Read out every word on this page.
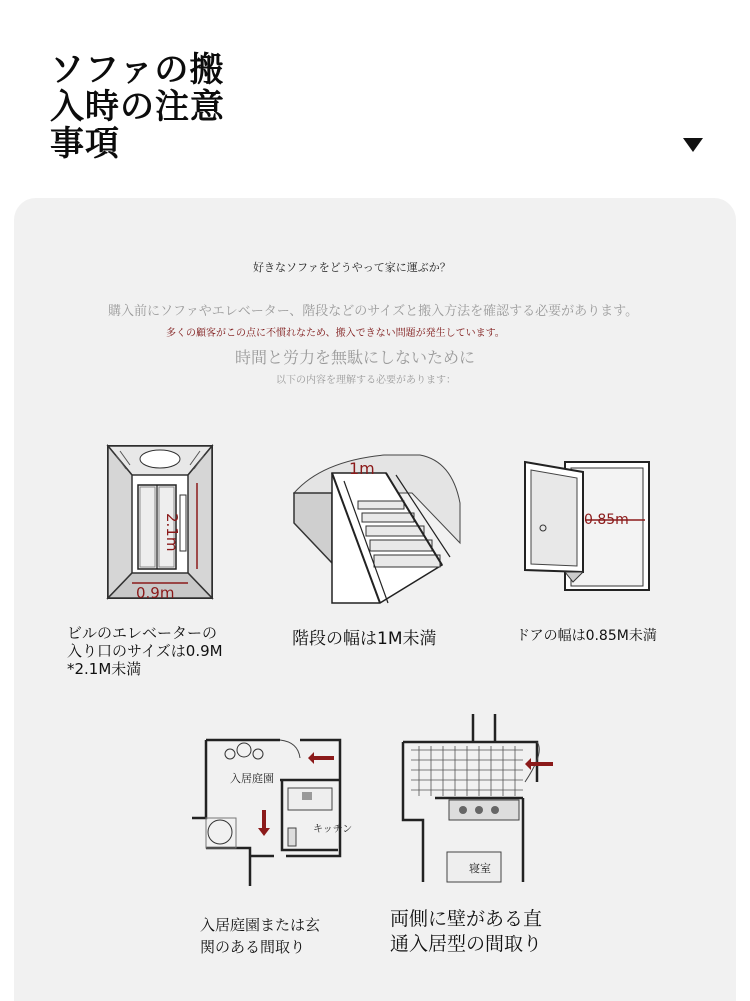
ソファの搬
入時の注意
事項
好きなソファをどうやって家に運ぶか？
購入前にソファやエレベーター、階段などのサイズと搬入方法を確認する必要があります。
多くの顧客がこの点に不慣れなため、搬入できない問題が発生しています。
時間と労力を無駄にしないために
以下の内容を理解する必要があります：
2.1m
0.9m
1m
0.85m
入居庭園
キッチン
寝室
ビルのエレベーターの
入り口のサイズは0.9M
*2.1M未満
階段の幅は1M未満	ドアの幅は0.85M未満
入居庭園または玄
関のある間取り
両側に壁がある直
通入居型の間取り
